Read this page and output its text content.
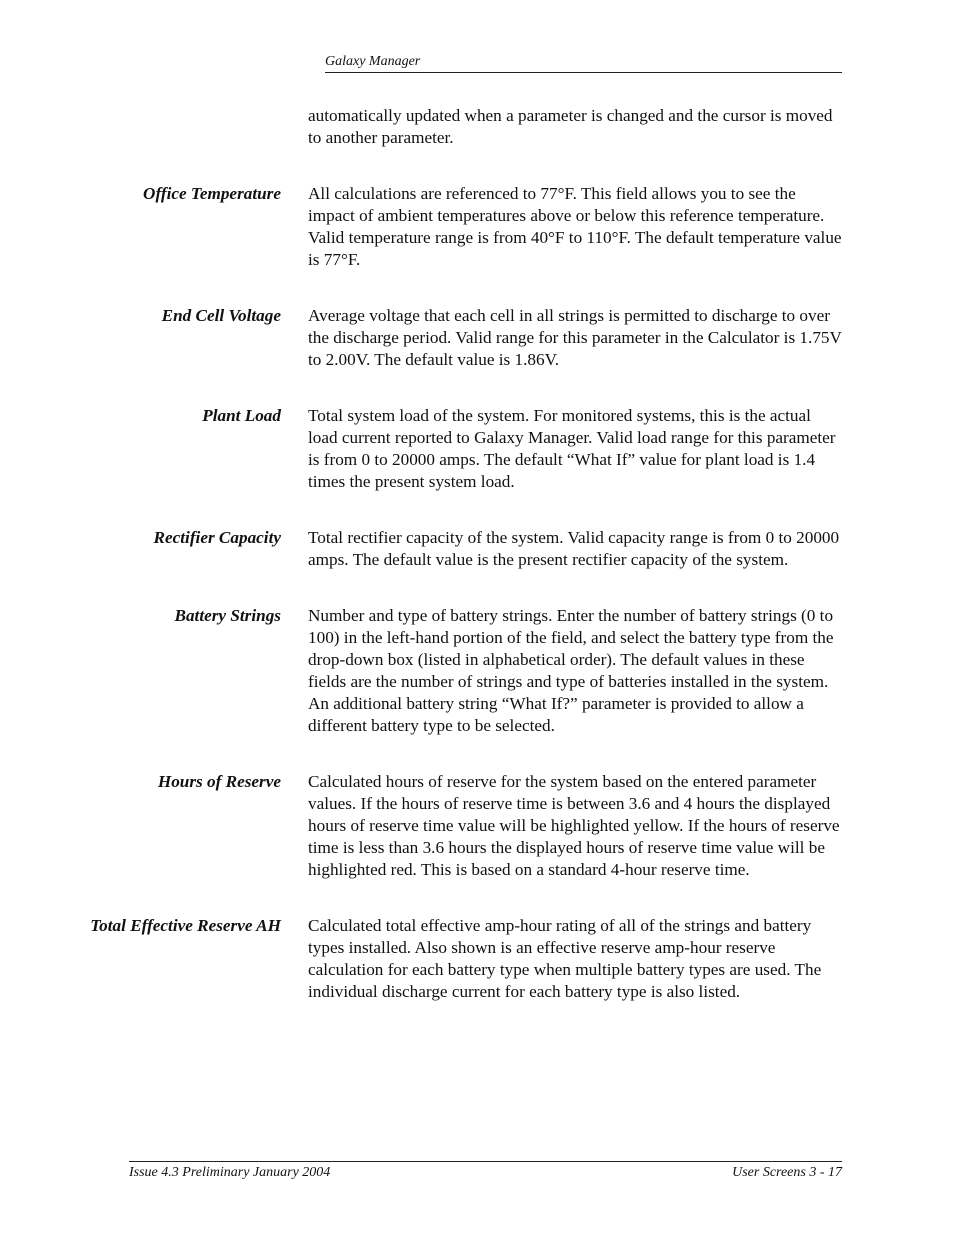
Galaxy Manager
automatically updated when a parameter is changed and the cursor is moved to another parameter.
Office Temperature All calculations are referenced to 77°F. This field allows you to see the impact of ambient temperatures above or below this reference temperature. Valid temperature range is from 40°F to 110°F. The default temperature value is 77°F.
End Cell Voltage Average voltage that each cell in all strings is permitted to discharge to over the discharge period. Valid range for this parameter in the Calculator is 1.75V to 2.00V. The default value is 1.86V.
Plant Load Total system load of the system. For monitored systems, this is the actual load current reported to Galaxy Manager. Valid load range for this parameter is from 0 to 20000 amps. The default “What If” value for plant load is 1.4 times the present system load.
Rectifier Capacity Total rectifier capacity of the system. Valid capacity range is from 0 to 20000 amps. The default value is the present rectifier capacity of the system.
Battery Strings Number and type of battery strings. Enter the number of battery strings (0 to 100) in the left-hand portion of the field, and select the battery type from the drop-down box (listed in alphabetical order). The default values in these fields are the number of strings and type of batteries installed in the system. An additional battery string “What If?” parameter is provided to allow a different battery type to be selected.
Hours of Reserve Calculated hours of reserve for the system based on the entered parameter values. If the hours of reserve time is between 3.6 and 4 hours the displayed hours of reserve time value will be highlighted yellow. If the hours of reserve time is less than 3.6 hours the displayed hours of reserve time value will be highlighted red. This is based on a standard 4-hour reserve time.
Total Effective Reserve AH Calculated total effective amp-hour rating of all of the strings and battery types installed. Also shown is an effective reserve amp-hour reserve calculation for each battery type when multiple battery types are used. The individual discharge current for each battery type is also listed.
Issue 4.3 Preliminary January 2004	User Screens 3 - 17
